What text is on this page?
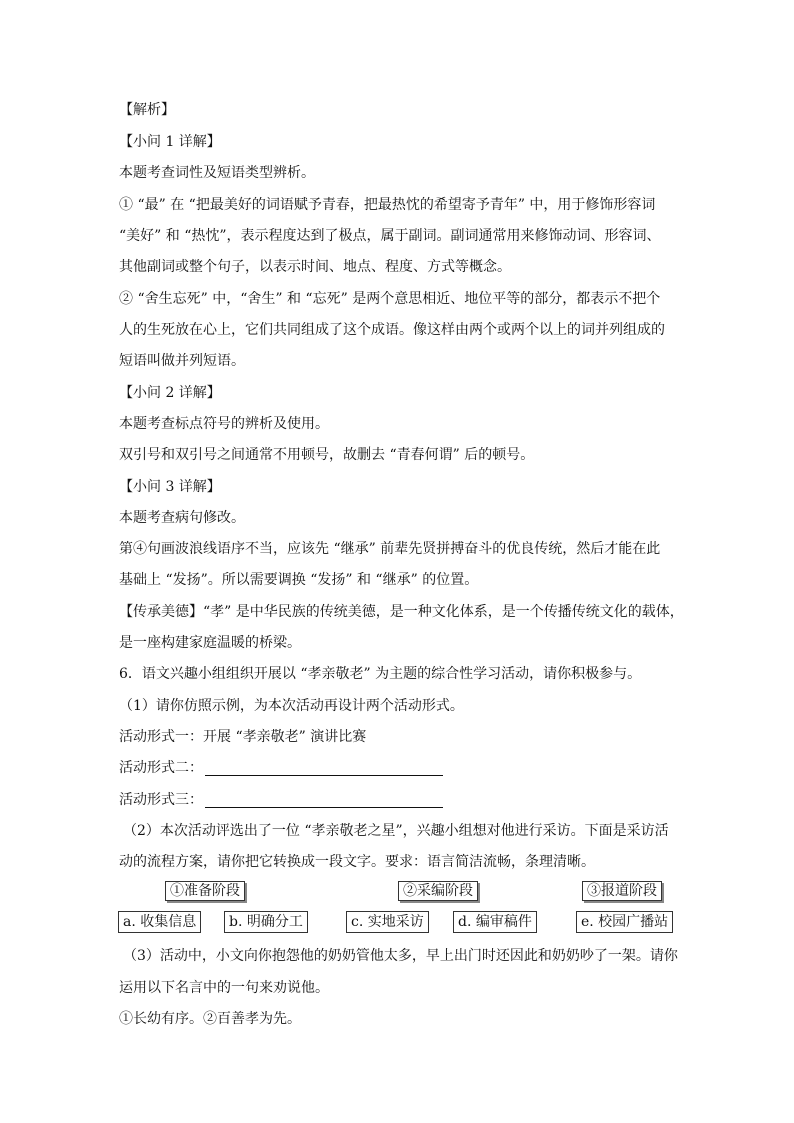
【解析】
【小问 1 详解】
本题考查词性及短语类型辨析。
① “最” 在 “把最美好的词语赋予青春，把最热忱的希望寄予青年” 中，用于修饰形容词
“美好” 和 “热忱”，表示程度达到了极点，属于副词。副词通常用来修饰动词、形容词、
其他副词或整个句子，以表示时间、地点、程度、方式等概念。
② “舍生忘死” 中，“舍生” 和 “忘死” 是两个意思相近、地位平等的部分，都表示不把个
人的生死放在心上，它们共同组成了这个成语。像这样由两个或两个以上的词并列组成的
短语叫做并列短语。
【小问 2 详解】
本题考查标点符号的辨析及使用。
双引号和双引号之间通常不用顿号，故删去 “青春何谓” 后的顿号。
【小问 3 详解】
本题考查病句修改。
第④句画波浪线语序不当，应该先 “继承” 前辈先贤拼搏奋斗的优良传统，然后才能在此
基础上 “发扬”。所以需要调换 “发扬” 和 “继承” 的位置。
【传承美德】“孝” 是中华民族的传统美德，是一种文化体系，是一个传播传统文化的载体，
是一座构建家庭温暖的桥梁。
6．语文兴趣小组组织开展以 “孝亲敬老” 为主题的综合性学习活动，请你积极参与。
（1）请你仿照示例，为本次活动再设计两个活动形式。
活动形式一：开展 “孝亲敬老” 演讲比赛
活动形式二：
活动形式三：
（2）本次活动评选出了一位 “孝亲敬老之星”，兴趣小组想对他进行采访。下面是采访活
动的流程方案，请你把它转换成一段文字。要求：语言简洁流畅，条理清晰。
①准备阶段	②采编阶段	③报道阶段
a. 收集信息	b. 明确分工	c. 实地采访	d. 编审稿件	e. 校园广播站
（3）活动中，小文向你抱怨他的奶奶管他太多，早上出门时还因此和奶奶吵了一架。请你
运用以下名言中的一句来劝说他。
①长幼有序。②百善孝为先。
